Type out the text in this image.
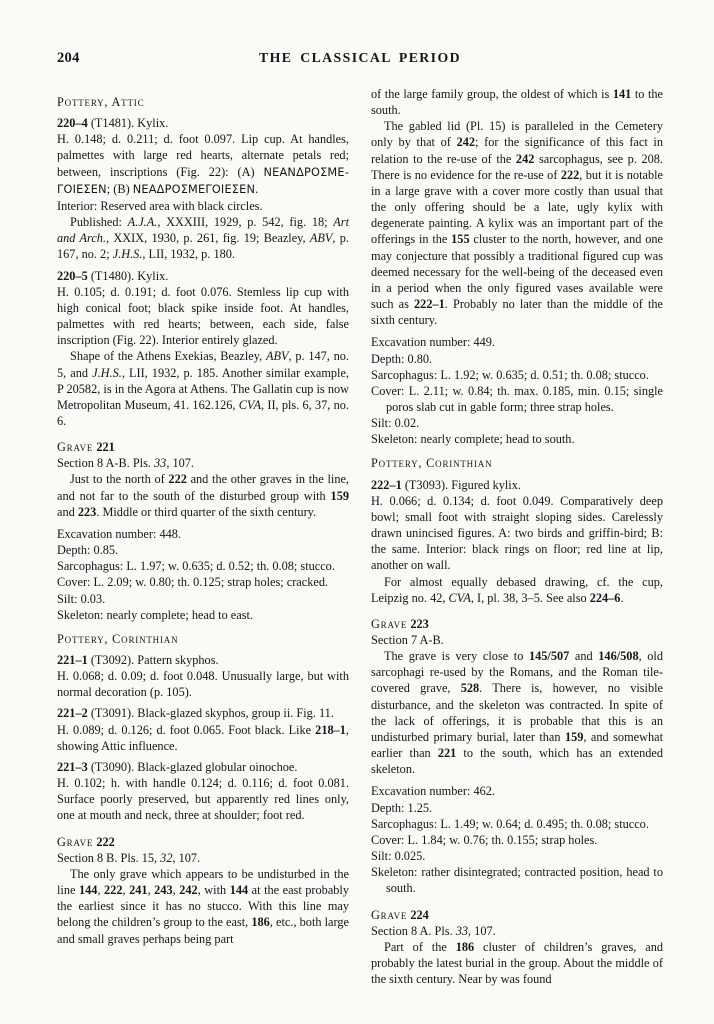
204	THE CLASSICAL PERIOD

Pottery, Attic

220–4 (T1481). Kylix.

H. 0.148; d. 0.211; d. foot 0.097. Lip cup. At handles, palmettes with large red hearts, alternate petals red; between, inscriptions (Fig. 22): (A) ΝΕΑΝΔΡΟΣΜΕ-ΓΟΙΕΣΕΝ; (B) ΝΕΑΔΡΟΣΜΕΓΟΙΕΣΕΝ.

Interior: Reserved area with black circles.

Published: A.J.A., XXXIII, 1929, p. 542, fig. 18; Art and Arch., XXIX, 1930, p. 261, fig. 19; Beazley, ABV, p. 167, no. 2; J.H.S., LII, 1932, p. 180.

220–5 (T1480). Kylix.

H. 0.105; d. 0.191; d. foot 0.076. Stemless lip cup with high conical foot; black spike inside foot. At handles, palmettes with red hearts; between, each side, false inscription (Fig. 22). Interior entirely glazed.

Shape of the Athens Exekias, Beazley, ABV, p. 147, no. 5, and J.H.S., LII, 1932, p. 185. Another similar example, P 20582, is in the Agora at Athens. The Gallatin cup is now Metropolitan Museum, 41. 162.126, CVA, II, pls. 6, 37, no. 6.

Grave 221

Section 8 A-B. Pls. 33, 107.

Just to the north of 222 and the other graves in the line, and not far to the south of the disturbed group with 159 and 223. Middle or third quarter of the sixth century.

Excavation number: 448.

Depth: 0.85.

Sarcophagus: L. 1.97; w. 0.635; d. 0.52; th. 0.08; stucco.

Cover: L. 2.09; w. 0.80; th. 0.125; strap holes; cracked.

Silt: 0.03.

Skeleton: nearly complete; head to east.

Pottery, Corinthian

221–1 (T3092). Pattern skyphos.

H. 0.068; d. 0.09; d. foot 0.048. Unusually large, but with normal decoration (p. 105).

221–2 (T3091). Black-glazed skyphos, group ii. Fig. 11.

H. 0.089; d. 0.126; d. foot 0.065. Foot black. Like 218–1, showing Attic influence.

221–3 (T3090). Black-glazed globular oinochoe.

H. 0.102; h. with handle 0.124; d. 0.116; d. foot 0.081. Surface poorly preserved, but apparently red lines only, one at mouth and neck, three at shoulder; foot red.

Grave 222

Section 8 B. Pls. 15, 32, 107.

The only grave which appears to be undisturbed in the line 144, 222, 241, 243, 242, with 144 at the east probably the earliest since it has no stucco. With this line may belong the children’s group to the east, 186, etc., both large and small graves perhaps being part

of the large family group, the oldest of which is 141 to the south.

The gabled lid (Pl. 15) is paralleled in the Cemetery only by that of 242; for the significance of this fact in relation to the re-use of the 242 sarcophagus, see p. 208. There is no evidence for the re-use of 222, but it is notable in a large grave with a cover more costly than usual that the only offering should be a late, ugly kylix with degenerate painting. A kylix was an important part of the offerings in the 155 cluster to the north, however, and one may conjecture that possibly a traditional figured cup was deemed necessary for the well-being of the deceased even in a period when the only figured vases available were such as 222–1. Probably no later than the middle of the sixth century.

Excavation number: 449.

Depth: 0.80.

Sarcophagus: L. 1.92; w. 0.635; d. 0.51; th. 0.08; stucco.

Cover: L. 2.11; w. 0.84; th. max. 0.185, min. 0.15; single poros slab cut in gable form; three strap holes.

Silt: 0.02.

Skeleton: nearly complete; head to south.

Pottery, Corinthian

222–1 (T3093). Figured kylix.

H. 0.066; d. 0.134; d. foot 0.049. Comparatively deep bowl; small foot with straight sloping sides. Carelessly drawn unincised figures. A: two birds and griffin-bird; B: the same. Interior: black rings on floor; red line at lip, another on wall.

For almost equally debased drawing, cf. the cup, Leipzig no. 42, CVA, I, pl. 38, 3–5. See also 224–6.

Grave 223

Section 7 A-B.

The grave is very close to 145/507 and 146/508, old sarcophagi re-used by the Romans, and the Roman tile-covered grave, 528. There is, however, no visible disturbance, and the skeleton was contracted. In spite of the lack of offerings, it is probable that this is an undisturbed primary burial, later than 159, and somewhat earlier than 221 to the south, which has an extended skeleton.

Excavation number: 462.

Depth: 1.25.

Sarcophagus: L. 1.49; w. 0.64; d. 0.495; th. 0.08; stucco.

Cover: L. 1.84; w. 0.76; th. 0.155; strap holes.

Silt: 0.025.

Skeleton: rather disintegrated; contracted position, head to south.

Grave 224

Section 8 A. Pls. 33, 107.

Part of the 186 cluster of children’s graves, and probably the latest burial in the group. About the middle of the sixth century. Near by was found
